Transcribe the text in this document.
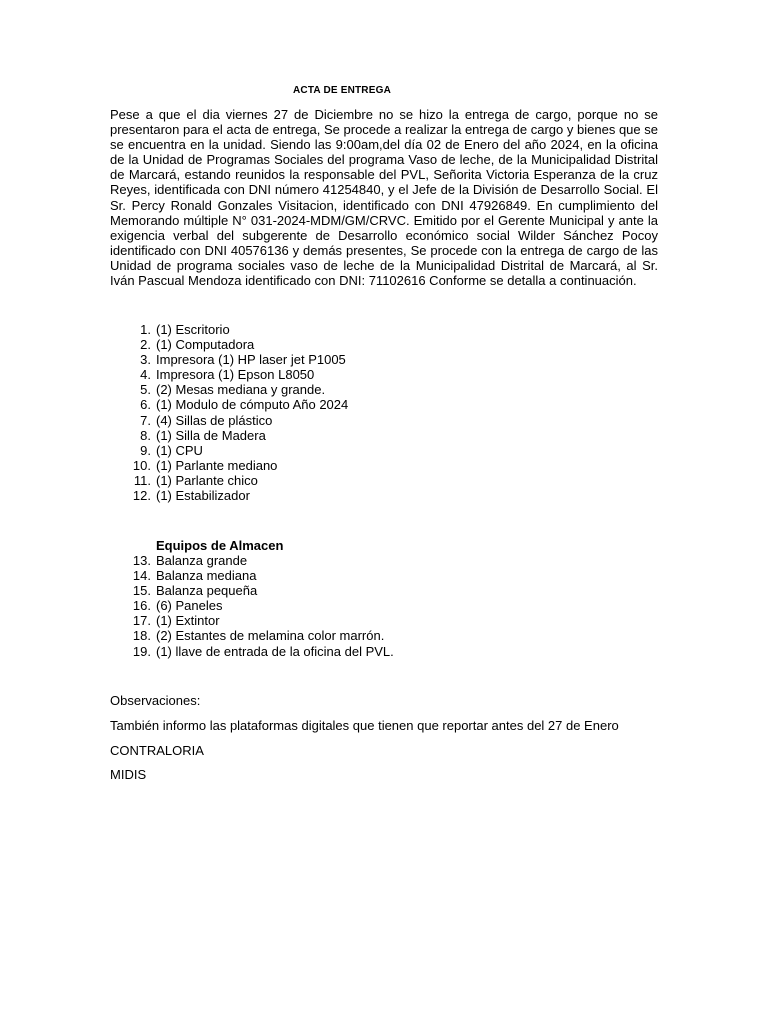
ACTA DE ENTREGA

Pese a que el dia viernes 27 de Diciembre no se hizo la entrega de cargo, porque no se presentaron para el acta de entrega, Se procede a realizar la entrega de cargo y bienes que se se encuentra en la unidad. Siendo las 9:00am,del día 02 de Enero del año 2024, en la oficina de la Unidad de Programas Sociales del programa Vaso de leche, de la Municipalidad Distrital de Marcará, estando reunidos la responsable del PVL, Señorita Victoria Esperanza de la cruz Reyes, identificada con DNI número 41254840, y el Jefe de la División de Desarrollo Social. El Sr. Percy Ronald Gonzales Visitacion, identificado con DNI 47926849. En cumplimiento del Memorando múltiple N° 031-2024-MDM/GM/CRVC. Emitido por el Gerente Municipal y ante la exigencia verbal del subgerente de Desarrollo económico social Wilder Sánchez Pocoy identificado con DNI 40576136 y demás presentes, Se procede con la entrega de cargo de las Unidad de programa sociales vaso de leche de la Municipalidad Distrital de Marcará, al Sr. Iván Pascual Mendoza identificado con DNI: 71102616 Conforme se detalla a continuación.

1. (1) Escritorio
2. (1) Computadora
3. Impresora (1) HP laser jet P1005
4. Impresora (1) Epson L8050
5. (2) Mesas mediana y grande.
6. (1) Modulo de cómputo Año 2024
7. (4) Sillas de plástico
8. (1) Silla de Madera
9. (1) CPU
10. (1) Parlante mediano
11. (1) Parlante chico
12. (1) Estabilizador
Equipos de Almacen
13. Balanza grande
14. Balanza mediana
15. Balanza pequeña
16. (6) Paneles
17. (1) Extintor
18. (2) Estantes de melamina color marrón.
19. (1) llave de entrada de la oficina del PVL.

Observaciones:

También informo las plataformas digitales que tienen que reportar antes del 27 de Enero

CONTRALORIA

MIDIS
